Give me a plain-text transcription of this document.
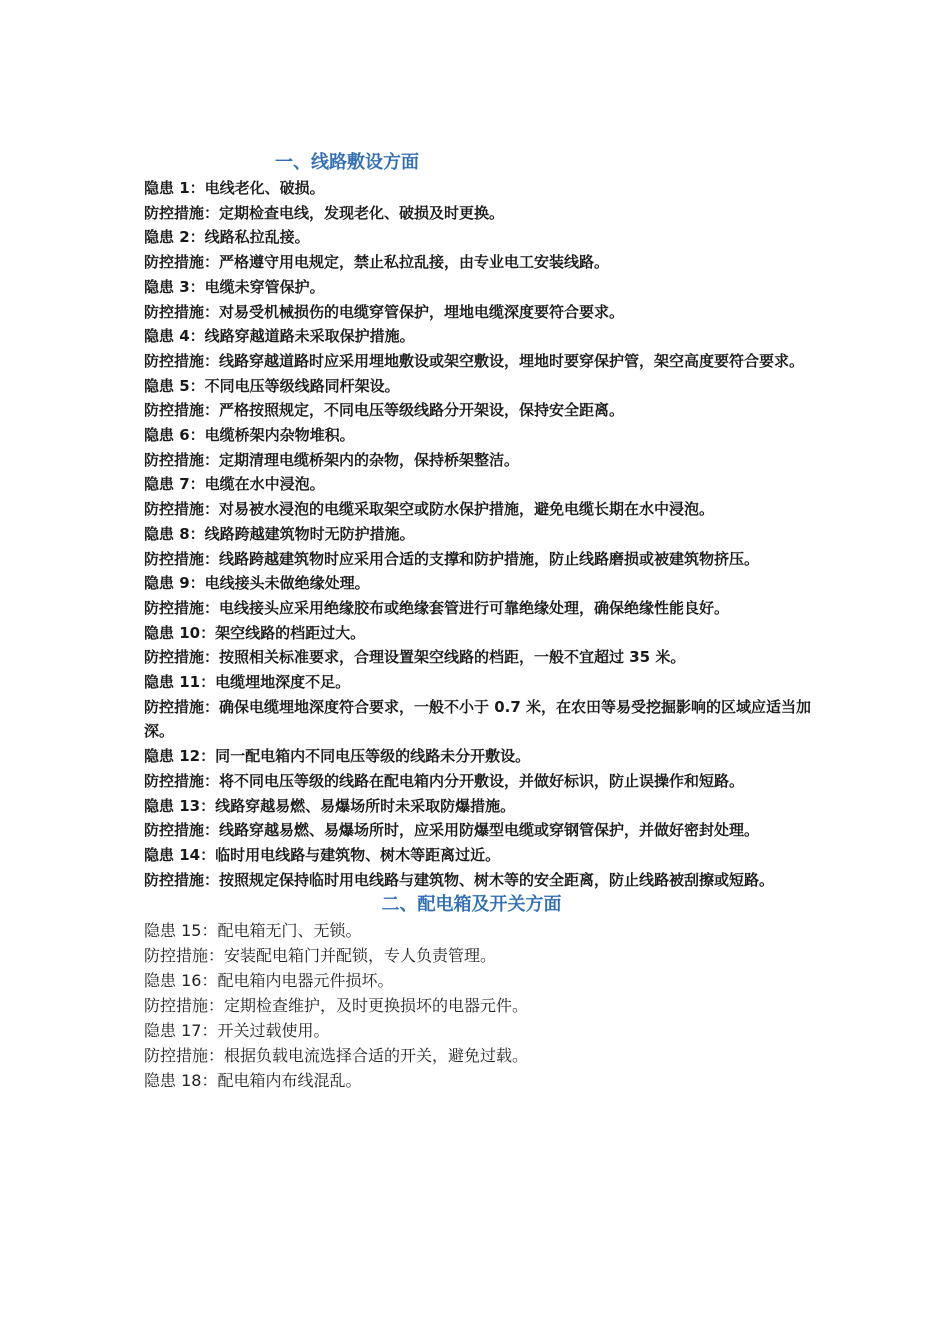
一、线路敷设方面

隐患 1：电线老化、破损。

防控措施：定期检查电线，发现老化、破损及时更换。

隐患 2：线路私拉乱接。

防控措施：严格遵守用电规定，禁止私拉乱接，由专业电工安装线路。

隐患 3：电缆未穿管保护。

防控措施：对易受机械损伤的电缆穿管保护，埋地电缆深度要符合要求。

隐患 4：线路穿越道路未采取保护措施。

防控措施：线路穿越道路时应采用埋地敷设或架空敷设，埋地时要穿保护管，架空高度要符合要求。

隐患 5：不同电压等级线路同杆架设。

防控措施：严格按照规定，不同电压等级线路分开架设，保持安全距离。

隐患 6：电缆桥架内杂物堆积。

防控措施：定期清理电缆桥架内的杂物，保持桥架整洁。

隐患 7：电缆在水中浸泡。

防控措施：对易被水浸泡的电缆采取架空或防水保护措施，避免电缆长期在水中浸泡。

隐患 8：线路跨越建筑物时无防护措施。

防控措施：线路跨越建筑物时应采用合适的支撑和防护措施，防止线路磨损或被建筑物挤压。

隐患 9：电线接头未做绝缘处理。

防控措施：电线接头应采用绝缘胶布或绝缘套管进行可靠绝缘处理，确保绝缘性能良好。

隐患 10：架空线路的档距过大。

防控措施：按照相关标准要求，合理设置架空线路的档距，一般不宜超过 35 米。

隐患 11：电缆埋地深度不足。

防控措施：确保电缆埋地深度符合要求，一般不小于 0.7 米，在农田等易受挖掘影响的区域应适当加深。

隐患 12：同一配电箱内不同电压等级的线路未分开敷设。

防控措施：将不同电压等级的线路在配电箱内分开敷设，并做好标识，防止误操作和短路。

隐患 13：线路穿越易燃、易爆场所时未采取防爆措施。

防控措施：线路穿越易燃、易爆场所时，应采用防爆型电缆或穿钢管保护，并做好密封处理。

隐患 14：临时用电线路与建筑物、树木等距离过近。

防控措施：按照规定保持临时用电线路与建筑物、树木等的安全距离，防止线路被刮擦或短路。

二、配电箱及开关方面

隐患 15：配电箱无门、无锁。

防控措施：安装配电箱门并配锁，专人负责管理。

隐患 16：配电箱内电器元件损坏。

防控措施：定期检查维护，及时更换损坏的电器元件。

隐患 17：开关过载使用。

防控措施：根据负载电流选择合适的开关，避免过载。

隐患 18：配电箱内布线混乱。
